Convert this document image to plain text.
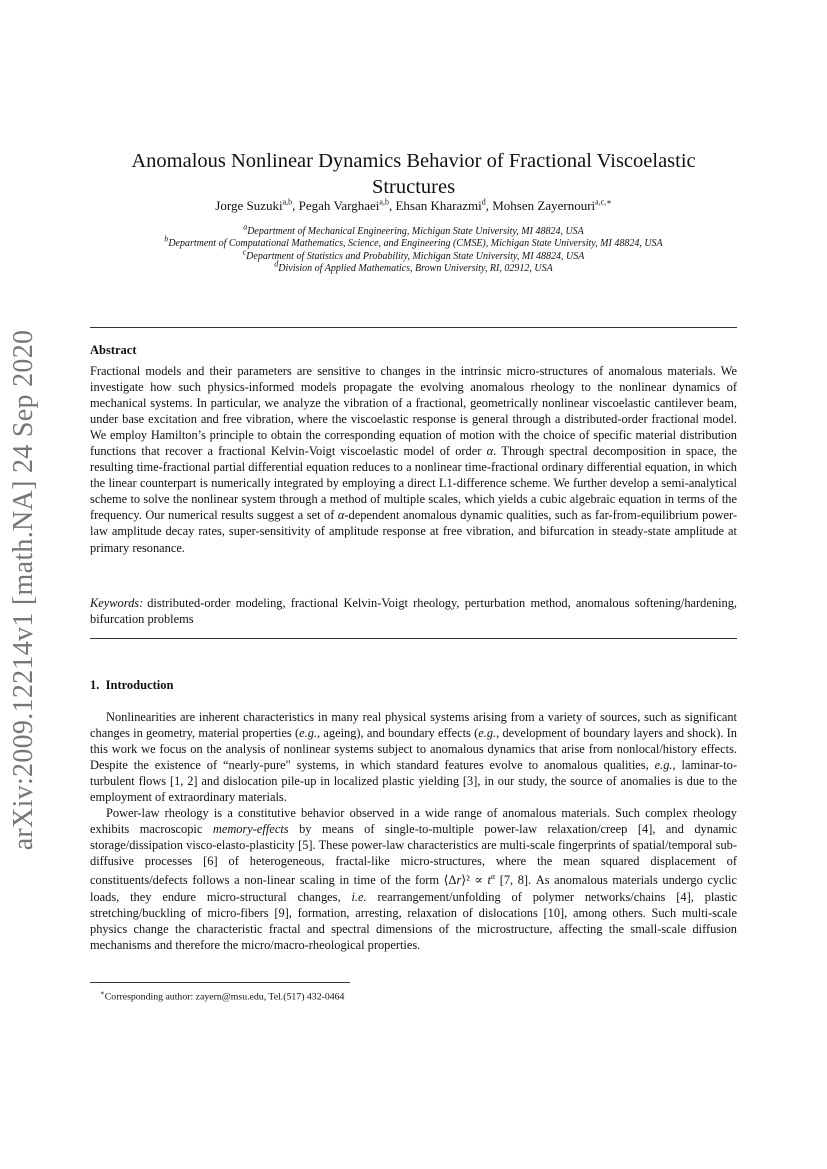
arXiv:2009.12214v1 [math.NA] 24 Sep 2020
Anomalous Nonlinear Dynamics Behavior of Fractional Viscoelastic Structures
Jorge Suzuki$^{a,b}$, Pegah Varghaei$^{a,b}$, Ehsan Kharazmi$^d$, Mohsen Zayernouri$^{a,c,∗}$
$^a$Department of Mechanical Engineering, Michigan State University, MI 48824, USA
$^b$Department of Computational Mathematics, Science, and Engineering (CMSE), Michigan State University, MI 48824, USA
$^c$Department of Statistics and Probability, Michigan State University, MI 48824, USA
$^d$Division of Applied Mathematics, Brown University, RI, 02912, USA
Abstract
Fractional models and their parameters are sensitive to changes in the intrinsic micro-structures of anomalous materials. We investigate how such physics-informed models propagate the evolving anomalous rheology to the nonlinear dynamics of mechanical systems. In particular, we analyze the vibration of a fractional, geometrically nonlinear viscoelastic cantilever beam, under base excitation and free vibration, where the viscoelastic response is general through a distributed-order fractional model. We employ Hamilton’s principle to obtain the corresponding equation of motion with the choice of specific material distribution functions that recover a fractional Kelvin-Voigt viscoelastic model of order α. Through spectral decomposition in space, the resulting time-fractional partial differential equation reduces to a nonlinear time-fractional ordinary differential equation, in which the linear counterpart is numerically integrated by employing a direct L1-difference scheme. We further develop a semi-analytical scheme to solve the nonlinear system through a method of multiple scales, which yields a cubic algebraic equation in terms of the frequency. Our numerical results suggest a set of α-dependent anomalous dynamic qualities, such as far-from-equilibrium power-law amplitude decay rates, super-sensitivity of amplitude response at free vibration, and bifurcation in steady-state amplitude at primary resonance.
Keywords: distributed-order modeling, fractional Kelvin-Voigt rheology, perturbation method, anomalous softening/hardening, bifurcation problems
1. Introduction

Nonlinearities are inherent characteristics in many real physical systems arising from a variety of sources, such as significant changes in geometry, material properties (e.g., ageing), and boundary effects (e.g., development of boundary layers and shock). In this work we focus on the analysis of nonlinear systems subject to anomalous dynamics that arise from nonlocal/history effects. Despite the existence of “nearly-pure" systems, in which standard features evolve to anomalous qualities, e.g., laminar-to-turbulent flows [1, 2] and dislocation pile-up in localized plastic yielding [3], in our study, the source of anomalies is due to the employment of extraordinary materials.

Power-law rheology is a constitutive behavior observed in a wide range of anomalous materials. Such complex rheology exhibits macroscopic memory-effects by means of single-to-multiple power-law relaxation/creep [4], and dynamic storage/dissipation visco-elasto-plasticity [5]. These power-law characteristics are multi-scale fingerprints of spatial/temporal sub-diffusive processes [6] of heterogeneous, fractal-like micro-structures, where the mean squared displacement of constituents/defects follows a non-linear scaling in time of the form ⟨Δr⟩² ∝ $t^\alpha$ [7, 8]. As anomalous materials undergo cyclic loads, they endure micro-structural changes, i.e. rearrangement/unfolding of polymer networks/chains [4], plastic stretching/buckling of micro-fibers [9], formation, arresting, relaxation of dislocations [10], among others. Such multi-scale physics change the characteristic fractal and spectral dimensions of the microstructure, affecting the small-scale diffusion mechanisms and therefore the micro/macro-rheological properties.

∗Corresponding author: zayern@msu.edu, Tel.(517) 432-0464
